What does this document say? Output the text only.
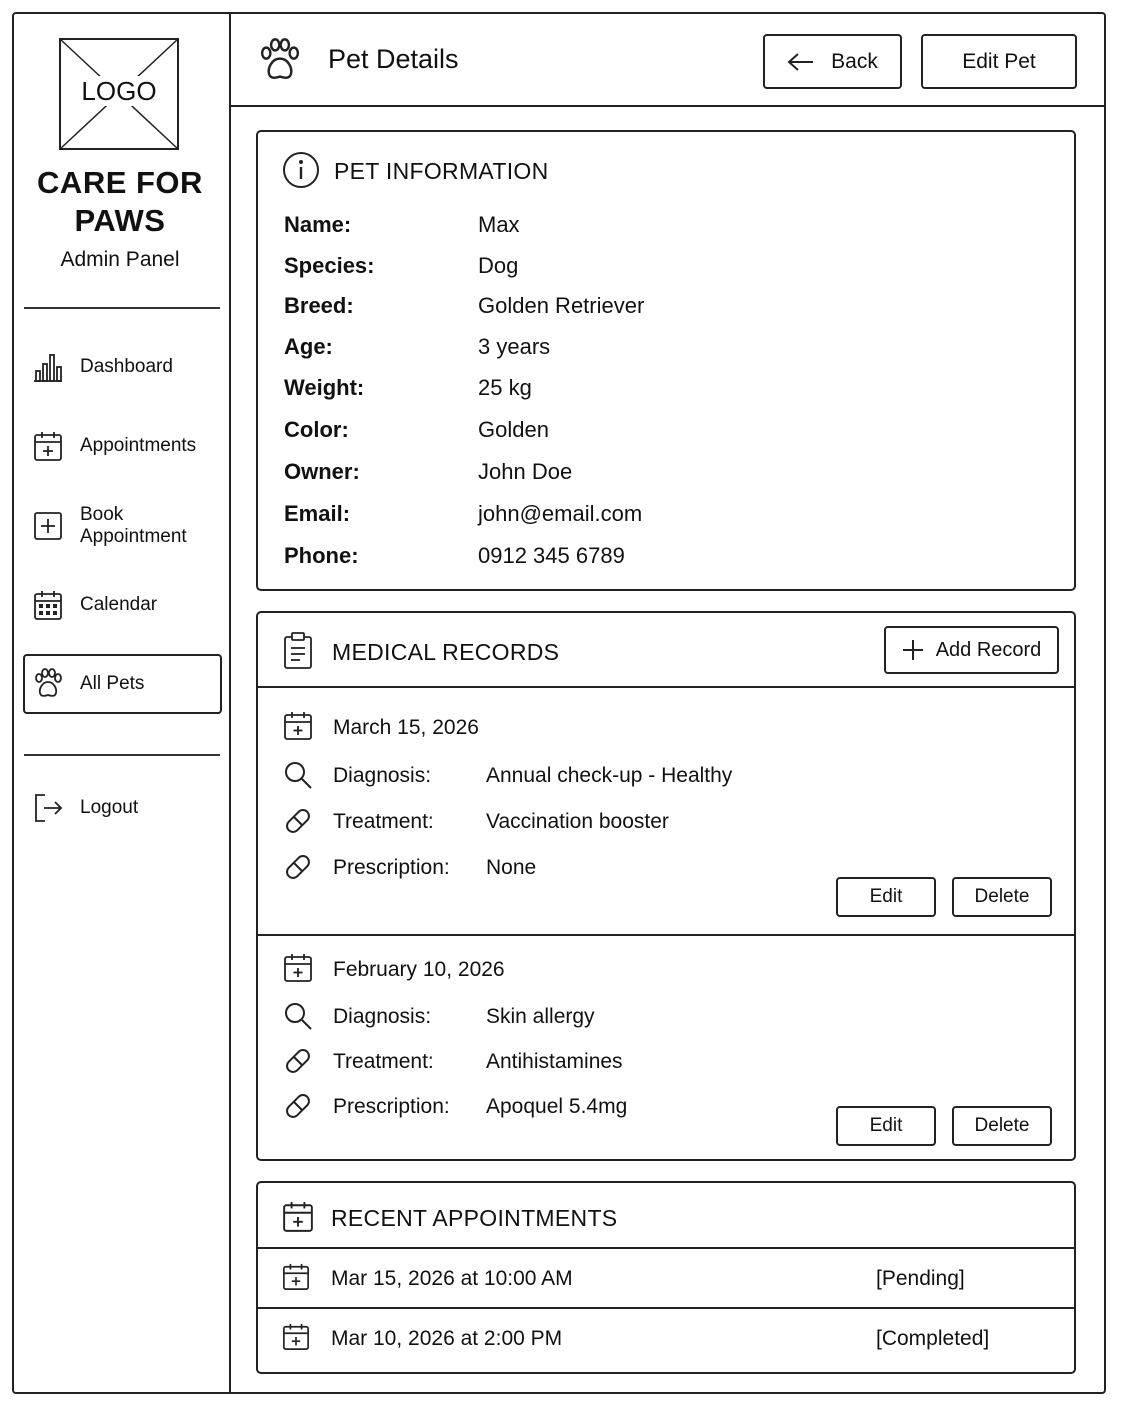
LOGO
CARE FOR
PAWS
Admin Panel
Dashboard
Appointments
Book Appointment
Calendar
All Pets
Logout
Pet Details	Back	Edit Pet
PET INFORMATION
Name:	Max
Species:	Dog
Breed:	Golden Retriever
Age:	3 years
Weight:	25 kg
Color:	Golden
Owner:	John Doe
Email:	john@email.com
Phone:	0912 345 6789
MEDICAL RECORDS	Add Record
March 15, 2026
Diagnosis:	Annual check-up - Healthy
Treatment: Vaccination booster
Prescription: None
Edit	Delete
February 10, 2026
Diagnosis:	Skin allergy
Treatment: Antihistamines
Prescription: Apoquel 5.4mg
Edit	Delete
RECENT APPOINTMENTS
Mar 15, 2026 at 10:00 AM	[Pending]
Mar 10, 2026 at 2:00 PM	[Completed]
